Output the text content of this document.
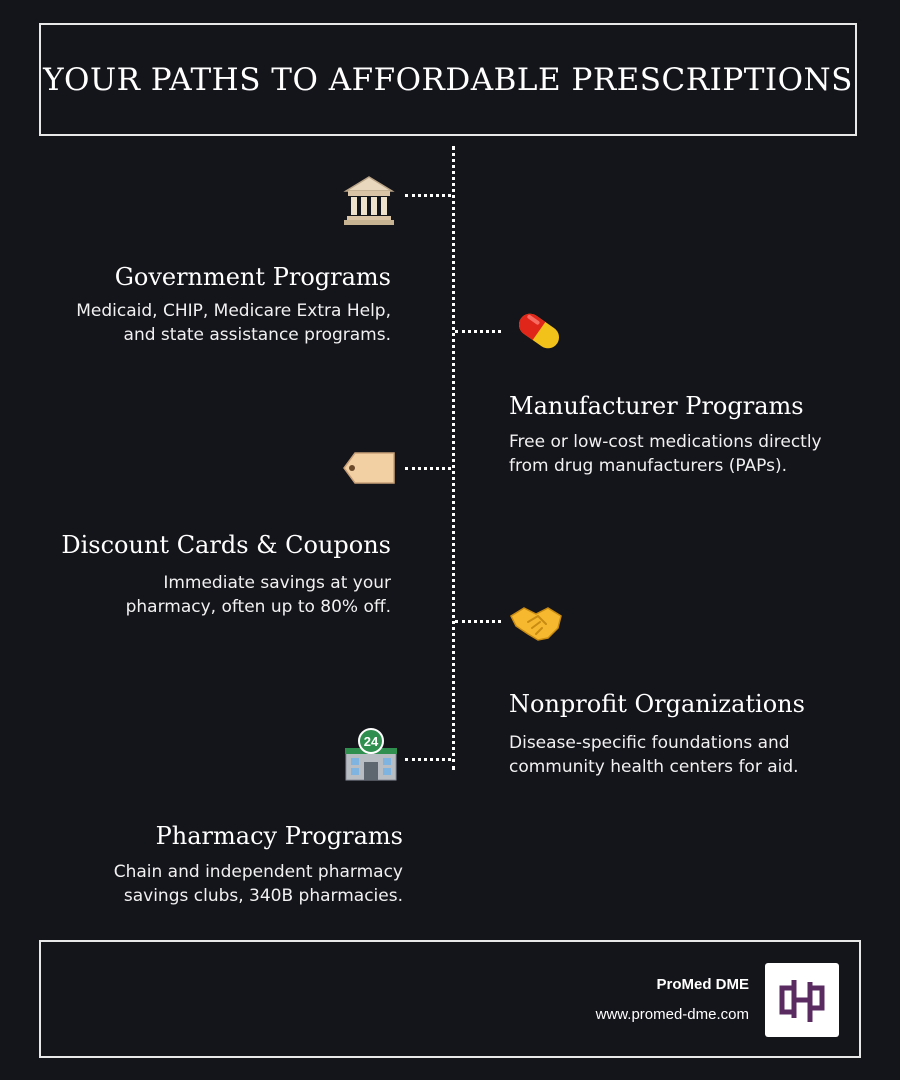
YOUR PATHS TO AFFORDABLE PRESCRIPTIONS
Government Programs
Medicaid, CHIP, Medicare Extra Help,
and state assistance programs.
Manufacturer Programs
Free or low-cost medications directly
from drug manufacturers (PAPs).
Discount Cards & Coupons
Immediate savings at your
pharmacy, often up to 80% off.
Nonprofit Organizations
Disease-specific foundations and
community health centers for aid.
24
Pharmacy Programs
Chain and independent pharmacy
savings clubs, 340B pharmacies.
ProMed DME
www.promed-dme.com
